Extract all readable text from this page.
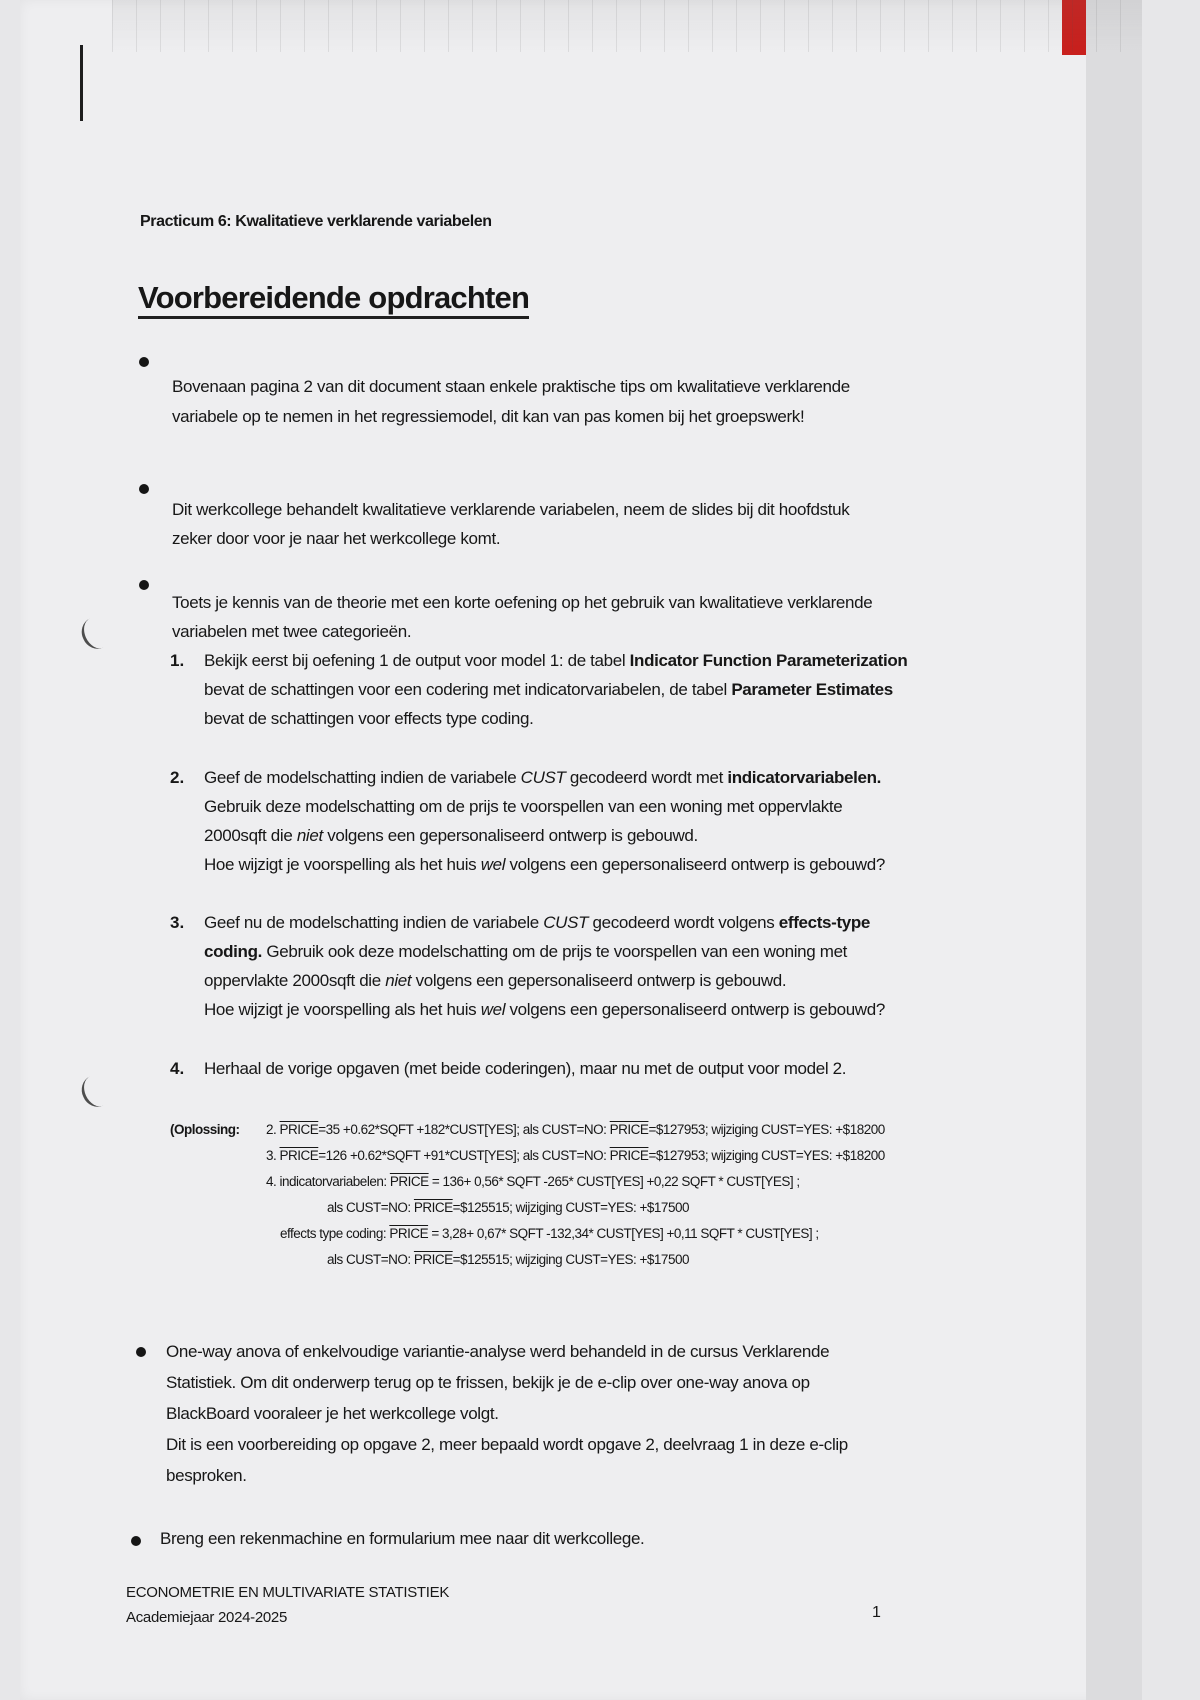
Practicum 6: Kwalitatieve verklarende variabelen
Voorbereidende opdrachten
Bovenaan pagina 2 van dit document staan enkele praktische tips om kwalitatieve verklarende
variabele op te nemen in het regressiemodel, dit kan van pas komen bij het groepswerk!
Dit werkcollege behandelt kwalitatieve verklarende variabelen, neem de slides bij dit hoofdstuk
zeker door voor je naar het werkcollege komt.
Toets je kennis van de theorie met een korte oefening op het gebruik van kwalitatieve verklarende
variabelen met twee categorieën.
1. Bekijk eerst bij oefening 1 de output voor model 1: de tabel Indicator Function Parameterization
bevat de schattingen voor een codering met indicatorvariabelen, de tabel Parameter Estimates
bevat de schattingen voor effects type coding.
2. Geef de modelschatting indien de variabele CUST gecodeerd wordt met indicatorvariabelen.
Gebruik deze modelschatting om de prijs te voorspellen van een woning met oppervlakte
2000sqft die niet volgens een gepersonaliseerd ontwerp is gebouwd.
Hoe wijzigt je voorspelling als het huis wel volgens een gepersonaliseerd ontwerp is gebouwd?
3. Geef nu de modelschatting indien de variabele CUST gecodeerd wordt volgens effects-type
coding. Gebruik ook deze modelschatting om de prijs te voorspellen van een woning met
oppervlakte 2000sqft die niet volgens een gepersonaliseerd ontwerp is gebouwd.
Hoe wijzigt je voorspelling als het huis wel volgens een gepersonaliseerd ontwerp is gebouwd?
4. Herhaal de vorige opgaven (met beide coderingen), maar nu met de output voor model 2.
(Oplossing: 2. PRICE=35 +0.62*SQFT +182*CUST[YES]; als CUST=NO: PRICE=$127953; wijziging CUST=YES: +$18200
3. PRICE=126 +0.62*SQFT +91*CUST[YES]; als CUST=NO: PRICE=$127953; wijziging CUST=YES: +$18200
4. indicatorvariabelen: PRICE = 136+ 0,56* SQFT -265* CUST[YES] +0,22 SQFT * CUST[YES] ;
als CUST=NO: PRICE=$125515; wijziging CUST=YES: +$17500
effects type coding: PRICE = 3,28+ 0,67* SQFT -132,34* CUST[YES] +0,11 SQFT * CUST[YES] ;
als CUST=NO: PRICE=$125515; wijziging CUST=YES: +$17500
One-way anova of enkelvoudige variantie-analyse werd behandeld in de cursus Verklarende
Statistiek. Om dit onderwerp terug op te frissen, bekijk je de e-clip over one-way anova op
BlackBoard vooraleer je het werkcollege volgt.
Dit is een voorbereiding op opgave 2, meer bepaald wordt opgave 2, deelvraag 1 in deze e-clip
besproken.
Breng een rekenmachine en formularium mee naar dit werkcollege.
ECONOMETRIE EN MULTIVARIATE STATISTIEK
Academiejaar 2024-2025	1
